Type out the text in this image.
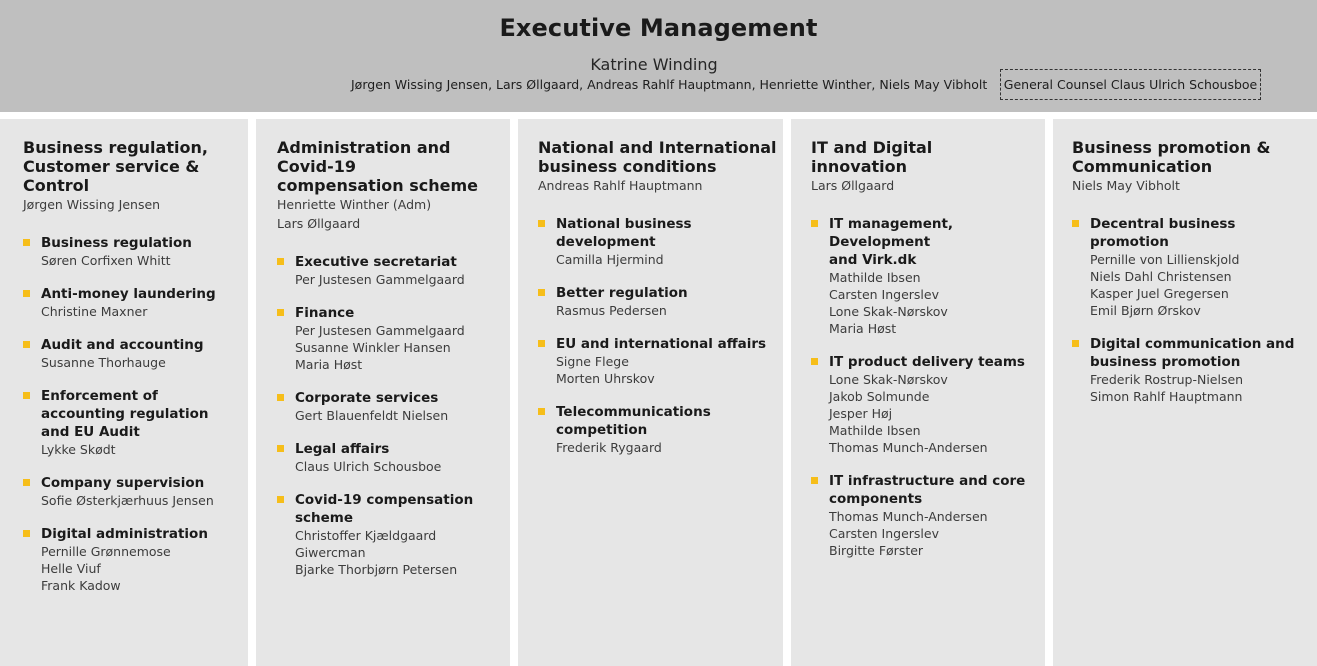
Executive Management
Katrine Winding
Jørgen Wissing Jensen, Lars Øllgaard, Andreas Rahlf Hauptmann, Henriette Winther, Niels May Vibholt General Counsel Claus Ulrich Schousboe
Business regulation,
Customer service &
Control
Jørgen Wissing Jensen
Business regulation
Søren Corfixen Whitt
Anti-money laundering
Christine Maxner
Audit and accounting
Susanne Thorhauge
Enforcement of
accounting regulation
and EU Audit
Lykke Skødt
Company supervision
Sofie Østerkjærhuus Jensen
Digital administration
Pernille Grønnemose
Helle Viuf
Frank Kadow
Administration and Covid-19
compensation scheme
Henriette Winther (Adm)
Lars Øllgaard
Executive secretariat
Per Justesen Gammelgaard
Finance
Per Justesen Gammelgaard
Susanne Winkler Hansen
Maria Høst
Corporate services
Gert Blauenfeldt Nielsen
Legal affairs
Claus Ulrich Schousboe
Covid-19 compensation
scheme
Christoffer Kjældgaard Giwercman
Bjarke Thorbjørn Petersen
National and International
business conditions
Andreas Rahlf Hauptmann
National business development
Camilla Hjermind
Better regulation
Rasmus Pedersen
EU and international affairs
Signe Flege
Morten Uhrskov
Telecommunications
competition
Frederik Rygaard
IT and Digital
innovation
Lars Øllgaard
IT management, Development
and Virk.dk
Mathilde Ibsen
Carsten Ingerslev
Lone Skak-Nørskov
Maria Høst
IT product delivery teams
Lone Skak-Nørskov
Jakob Solmunde
Jesper Høj
Mathilde Ibsen
Thomas Munch-Andersen
IT infrastructure and core
components
Thomas Munch-Andersen
Carsten Ingerslev
Birgitte Førster
Business promotion &
Communication
Niels May Vibholt
Decentral business promotion
Pernille von Lillienskjold
Niels Dahl Christensen
Kasper Juel Gregersen
Emil Bjørn Ørskov
Digital communication and
business promotion
Frederik Rostrup-Nielsen
Simon Rahlf Hauptmann
